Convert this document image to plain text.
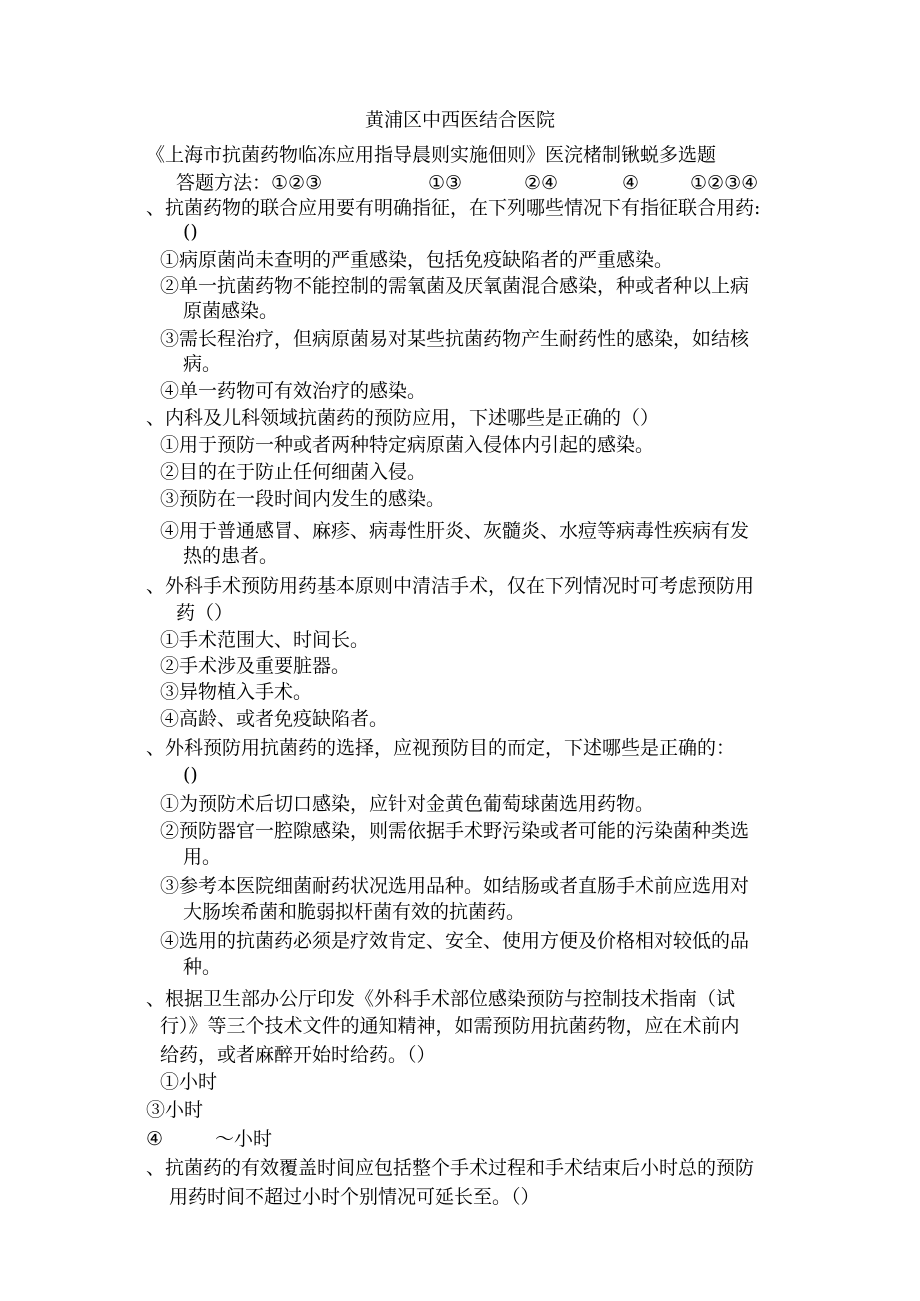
黄浦区中西医结合医院
《上海市抗菌药物临冻应用指导晨则实施佃则》医浣楮制锹蜕多选题
答题方法： ①②③	①③	②④	④	①②③④
、抗菌药物的联合应用要有明确指征，在下列哪些情况下有指征联合用药:
()
①病原菌尚未查明的严重感染，包括免疫缺陷者的严重感染。
②单一抗菌药物不能控制的需氧菌及厌氧菌混合感染，种或者种以上病
原菌感染。
③需长程治疗，但病原菌易对某些抗菌药物产生耐药性的感染，如结核
病。
④单一药物可有效治疗的感染。
、内科及儿科领域抗菌药的预防应用，下述哪些是正确的（）
①用于预防一种或者两种特定病原菌入侵体内引起的感染。
②目的在于防止任何细菌入侵。
③预防在一段时间内发生的感染。
④用于普通感冒、麻疹、病毒性肝炎、灰髓炎、水痘等病毒性疾病有发
热的患者。
、外科手术预防用药基本原则中清洁手术，仅在下列情况时可考虑预防用
药（）
①手术范围大、时间长。
②手术涉及重要脏器。
③异物植入手术。
④高龄、或者免疫缺陷者。
、外科预防用抗菌药的选择，应视预防目的而定，下述哪些是正确的：
()
①为预防术后切口感染，应针对金黄色葡萄球菌选用药物。
②预防器官一腔隙感染，则需依据手术野污染或者可能的污染菌种类选
用。
③参考本医院细菌耐药状况选用品种。如结肠或者直肠手术前应选用对
大肠埃希菌和脆弱拟杆菌有效的抗菌药。
④选用的抗菌药必须是疗效肯定、安全、使用方便及价格相对较低的品
种。
、根据卫生部办公厅印发《外科手术部位感染预防与控制技术指南（试
行）》等三个技术文件的通知精神，如需预防用抗菌药物，应在术前内
给药，或者麻醉开始时给药。（）
①小时
③小时
④	～小时
、抗菌药的有效覆盖时间应包括整个手术过程和手术结束后小时总的预防
用药时间不超过小时个别情况可延长至。（）
